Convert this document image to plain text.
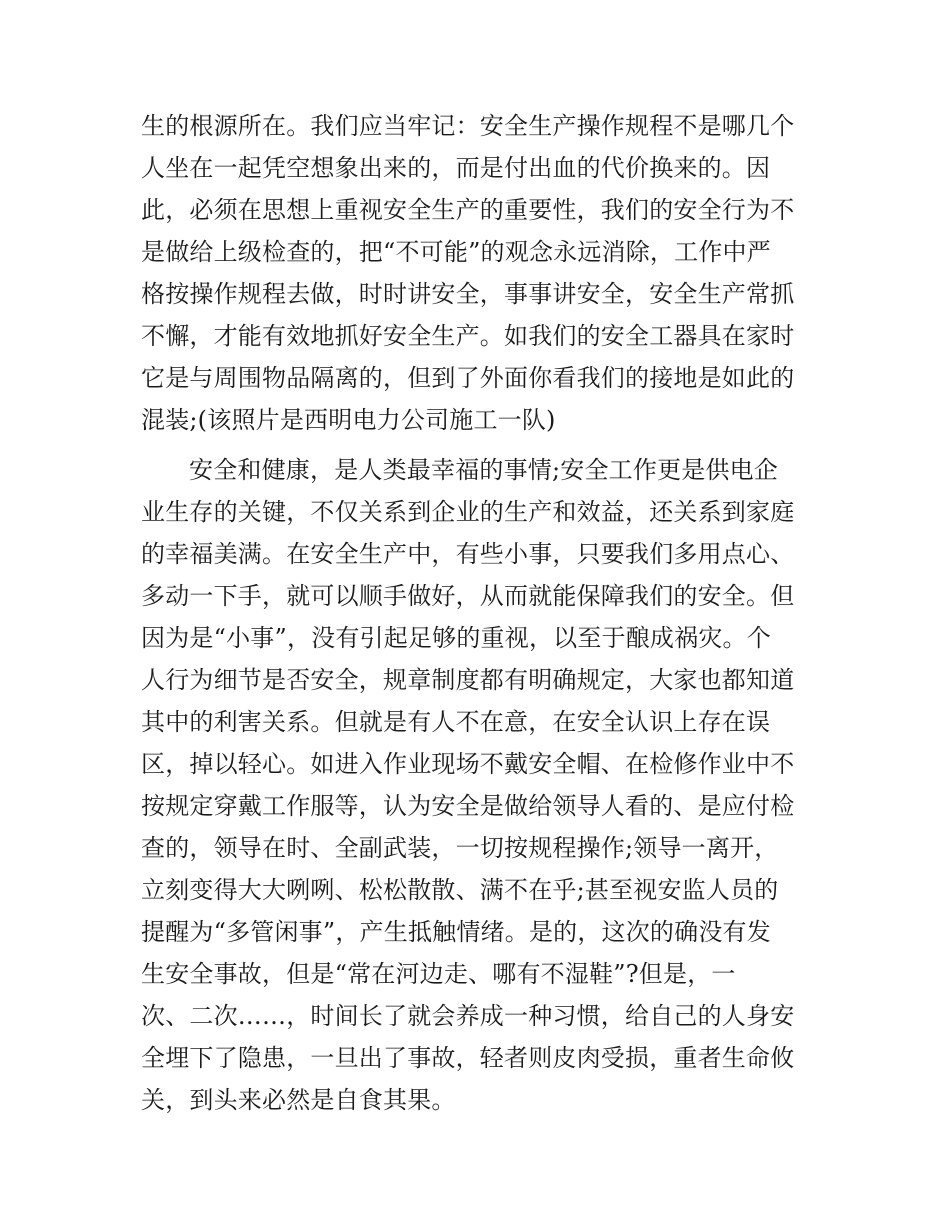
生的根源所在。我们应当牢记：安全生产操作规程不是哪几个
人坐在一起凭空想象出来的，而是付出血的代价换来的。因
此，必须在思想上重视安全生产的重要性，我们的安全行为不
是做给上级检查的，把“不可能”的观念永远消除，工作中严
格按操作规程去做，时时讲安全，事事讲安全，安全生产常抓
不懈，才能有效地抓好安全生产。如我们的安全工器具在家时
它是与周围物品隔离的，但到了外面你看我们的接地是如此的
混装;(该照片是西明电力公司施工一队)
安全和健康，是人类最幸福的事情;安全工作更是供电企
业生存的关键，不仅关系到企业的生产和效益，还关系到家庭
的幸福美满。在安全生产中，有些小事，只要我们多用点心、
多动一下手，就可以顺手做好，从而就能保障我们的安全。但
因为是“小事”，没有引起足够的重视，以至于酿成祸灾。个
人行为细节是否安全，规章制度都有明确规定，大家也都知道
其中的利害关系。但就是有人不在意，在安全认识上存在误
区，掉以轻心。如进入作业现场不戴安全帽、在检修作业中不
按规定穿戴工作服等，认为安全是做给领导人看的、是应付检
查的，领导在时、全副武装，一切按规程操作;领导一离开，
立刻变得大大咧咧、松松散散、满不在乎;甚至视安监人员的
提醒为“多管闲事”，产生抵触情绪。是的，这次的确没有发
生安全事故，但是“常在河边走、哪有不湿鞋”?但是，一
次、二次……，时间长了就会养成一种习惯，给自己的人身安
全埋下了隐患，一旦出了事故，轻者则皮肉受损，重者生命攸
关，到头来必然是自食其果。
